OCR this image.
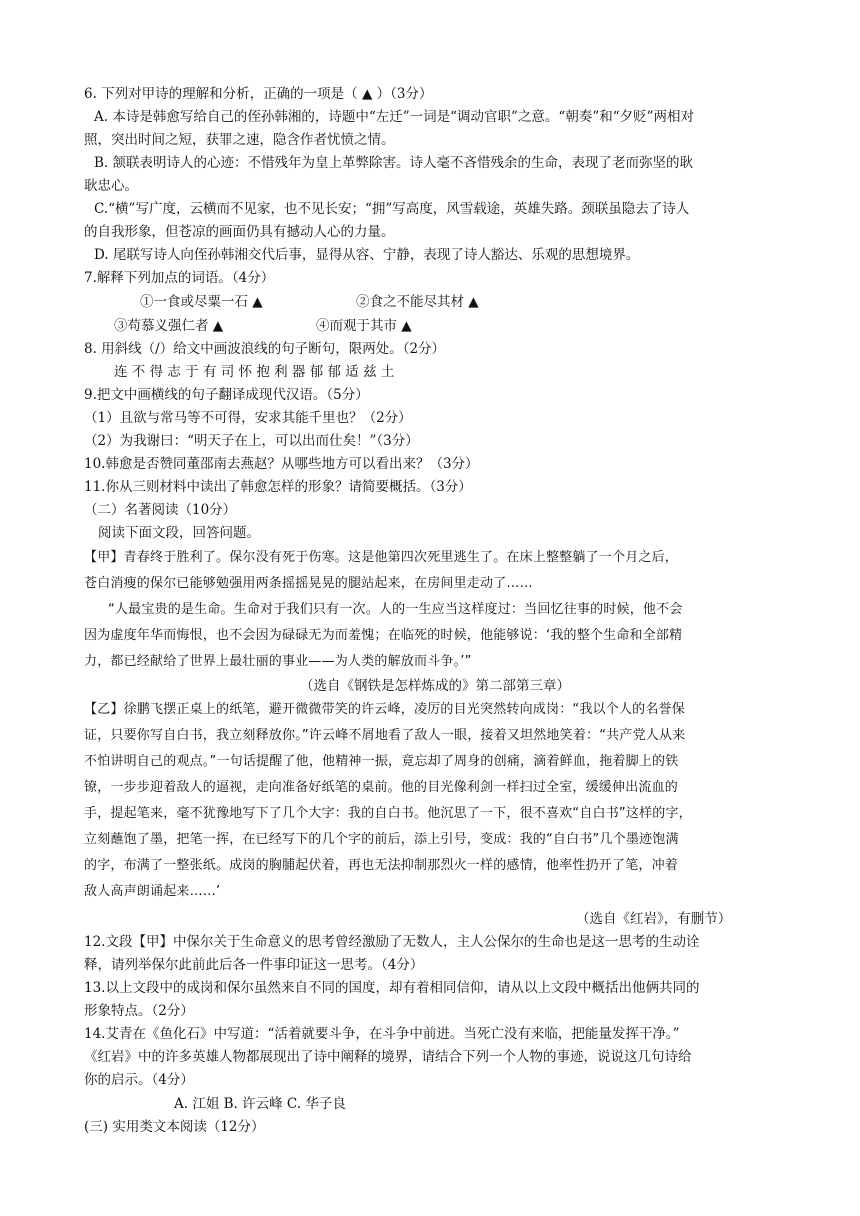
6. 下列对甲诗的理解和分析，正确的一项是（ ▲ ）（3分）
A. 本诗是韩愈写给自己的侄孙韩湘的，诗题中“左迁”一词是“调动官职”之意。“朝奏”和“夕贬”两相对
照，突出时间之短，获罪之速，隐含作者忧愤之情。
B. 颔联表明诗人的心迹：不惜残年为皇上革弊除害。诗人毫不吝惜残余的生命，表现了老而弥坚的耿
耿忠心。
C.“横”写广度，云横而不见家，也不见长安；“拥”写高度，风雪载途，英雄失路。颈联虽隐去了诗人
的自我形象，但苍凉的画面仍具有撼动人心的力量。
D. 尾联写诗人向侄孙韩湘交代后事，显得从容、宁静，表现了诗人豁达、乐观的思想境界。
7.解释下列加点的词语。（4分）
①一食或尽粟一石 ▲	②食之不能尽其材 ▲
③苟慕义强仁者 ▲	④而观于其市 ▲
8. 用斜线（/）给文中画波浪线的句子断句，限两处。（2分）
连 不 得 志 于 有 司 怀 抱 利 器 郁 郁 适 兹 土
9.把文中画横线的句子翻译成现代汉语。（5分）
（1）且欲与常马等不可得，安求其能千里也？（2分）
（2）为我谢曰：“明天子在上，可以出而仕矣！”（3分）
10.韩愈是否赞同董邵南去燕赵？从哪些地方可以看出来？（3分）
11.你从三则材料中读出了韩愈怎样的形象？请简要概括。（3分）
（二）名著阅读（10分）
阅读下面文段，回答问题。
【甲】青春终于胜利了。保尔没有死于伤寒。这是他第四次死里逃生了。在床上整整躺了一个月之后，
苍白消瘦的保尔已能够勉强用两条摇摇晃晃的腿站起来，在房间里走动了……
“人最宝贵的是生命。生命对于我们只有一次。人的一生应当这样度过：当回忆往事的时候，他不会
因为虚度年华而悔恨，也不会因为碌碌无为而羞愧；在临死的时候，他能够说：‘我的整个生命和全部精
力，都已经献给了世界上最壮丽的事业——为人类的解放而斗争。’”
（选自《钢铁是怎样炼成的》第二部第三章）
【乙】徐鹏飞摆正桌上的纸笔，避开微微带笑的许云峰，凌厉的目光突然转向成岗：“我以个人的名誉保
证，只要你写自白书，我立刻释放你。”许云峰不屑地看了敌人一眼，接着又坦然地笑着：“共产党人从来
不怕讲明自己的观点。”一句话提醒了他，他精神一振，竟忘却了周身的创痛，滴着鲜血，拖着脚上的铁
镣，一步步迎着敌人的逼视，走向准备好纸笔的桌前。他的目光像利剑一样扫过全室，缓缓伸出流血的
手，提起笔来，毫不犹豫地写下了几个大字：我的自白书。他沉思了一下，很不喜欢“自白书”这样的字，
立刻蘸饱了墨，把笔一挥，在已经写下的几个字的前后，添上引号，变成：我的“自白书”几个墨迹饱满
的字，布满了一整张纸。成岗的胸脯起伏着，再也无法抑制那烈火一样的感情，他率性扔开了笔，冲着
敌人高声朗诵起来……’
（选自《红岩》，有删节）
12.文段【甲】中保尔关于生命意义的思考曾经激励了无数人，主人公保尔的生命也是这一思考的生动诠
释，请列举保尔此前此后各一件事印证这一思考。（4分）
13.以上文段中的成岗和保尔虽然来自不同的国度，却有着相同信仰，请从以上文段中概括出他俩共同的
形象特点。（2分）
14.艾青在《鱼化石》中写道：“活着就要斗争，在斗争中前进。当死亡没有来临，把能量发挥干净。”
《红岩》中的许多英雄人物都展现出了诗中阐释的境界，请结合下列一个人物的事迹，说说这几句诗给
你的启示。（4分）
A. 江姐 B. 许云峰 C. 华子良
(三) 实用类文本阅读（12分）
